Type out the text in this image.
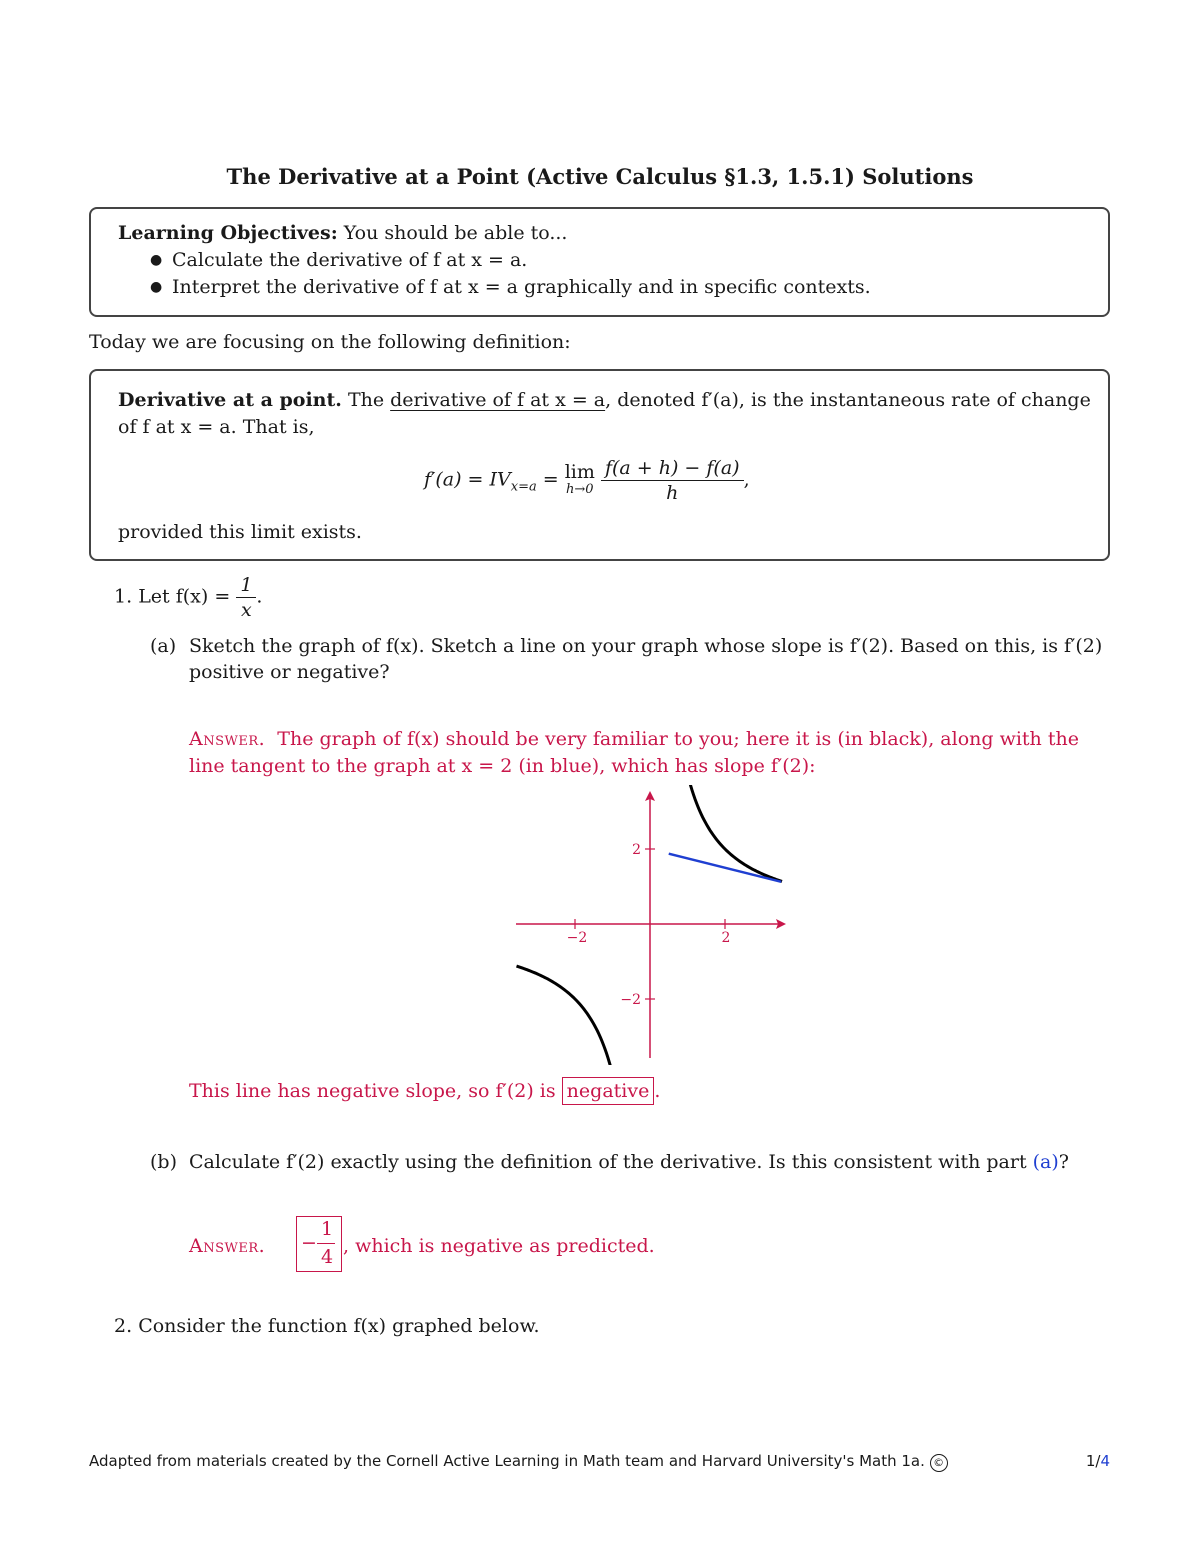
The Derivative at a Point (Active Calculus §1.3, 1.5.1) Solutions
Learning Objectives: You should be able to...
● Calculate the derivative of f at x = a.
● Interpret the derivative of f at x = a graphically and in specific contexts.
Today we are focusing on the following definition:
Derivative at a point. The derivative of f at x = a, denoted f′(a), is the instantaneous rate of change
of f at x = a. That is,
$f'(a) = IV_{x=a} = \lim$
h→0
$\frac{f(a + h) - f(a)}{h}$ ,
provided this limit exists.
1. Let $f(x) = \frac{1}{x}$ .
(a) Sketch the graph of f(x). Sketch a line on your graph whose slope is f′(2). Based on this, is f′(2)
positive or negative?
Answer. The graph of f(x) should be very familiar to you; here it is (in black), along with the
line tangent to the graph at x = 2 (in blue), which has slope f′(2):
−2	2
2
−2
This line has negative slope, so f′(2) is negative .
(b) Calculate f′(2) exactly using the definition of the derivative. Is this consistent with part (a)?
Answer. −
1
4 , which is negative as predicted.
2. Consider the function f(x) graphed below.
Adapted from materials created by the Cornell Active Learning in Math team and Harvard University's Math 1a. ©	1/4
